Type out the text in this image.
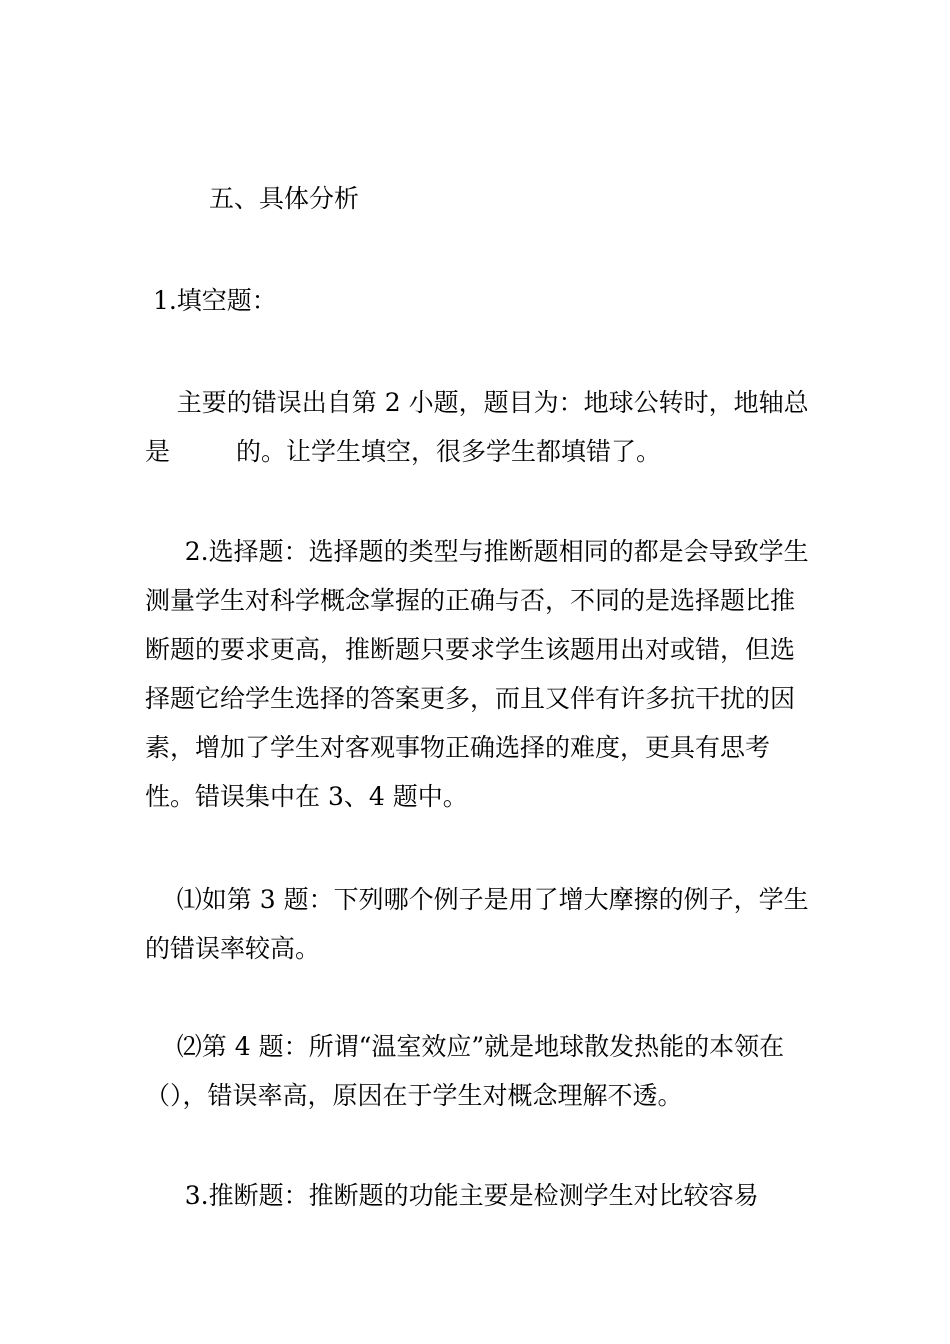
五、具体分析
1.填空题：
主要的错误出自第 2 小题，题目为：地球公转时，地轴总是	的。让学生填空，很多学生都填错了。
2.选择题：选择题的类型与推断题相同的都是会导致学生测量学生对科学概念掌握的正确与否，不同的是选择题比推断题的要求更高，推断题只要求学生该题用出对或错，但选择题它给学生选择的答案更多，而且又伴有许多抗干扰的因素，增加了学生对客观事物正确选择的难度，更具有思考性。错误集中在 3、4 题中。
⑴如第 3 题：下列哪个例子是用了增大摩擦的例子，学生的错误率较高。
⑵第 4 题：所谓“温室效应”就是地球散发热能的本领在（），错误率高，原因在于学生对概念理解不透。
3.推断题：推断题的功能主要是检测学生对比较容易
